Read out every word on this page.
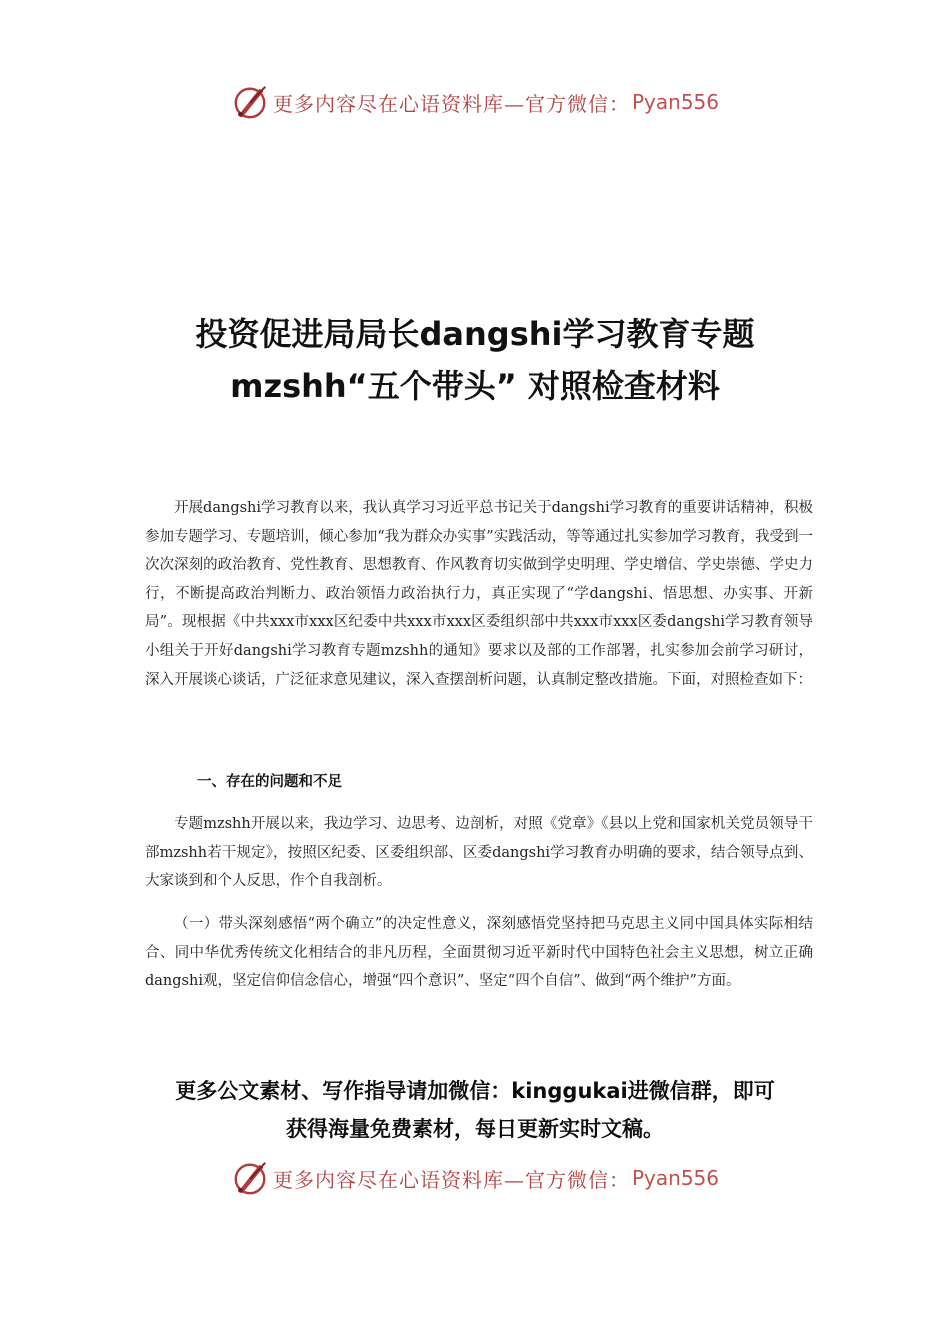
更多内容尽在心语资料库—官方微信： Pyan556
投资促进局局长dangshi学习教育专题
mzshh“五个带头” 对照检查材料

开展dangshi学习教育以来，我认真学习习近平总书记关于dangshi学习教育的重要讲话精神，积极参加专题学习、专题培训，倾心参加“我为群众办实事”实践活动，等等通过扎实参加学习教育，我受到一次次深刻的政治教育、党性教育、思想教育、作风教育切实做到学史明理、学史增信、学史崇德、学史力行，不断提高政治判断力、政治领悟力政治执行力，真正实现了“学dangshi、悟思想、办实事、开新局”。现根据《中共xxx市xxx区纪委中共xxx市xxx区委组织部中共xxx市xxx区委dangshi学习教育领导小组关于开好dangshi学习教育专题mzshh的通知》要求以及部的工作部署，扎实参加会前学习研讨，深入开展谈心谈话，广泛征求意见建议，深入查摆剖析问题，认真制定整改措施。下面，对照检查如下：

一、存在的问题和不足

专题mzshh开展以来，我边学习、边思考、边剖析，对照《党章》《县以上党和国家机关党员领导干部mzshh若干规定》，按照区纪委、区委组织部、区委dangshi学习教育办明确的要求，结合领导点到、大家谈到和个人反思，作个自我剖析。

（一）带头深刻感悟“两个确立”的决定性意义，深刻感悟党坚持把马克思主义同中国具体实际相结合、同中华优秀传统文化相结合的非凡历程，全面贯彻习近平新时代中国特色社会主义思想，树立正确dangshi观，坚定信仰信念信心，增强“四个意识”、坚定“四个自信”、做到“两个维护”方面。

更多公文素材、写作指导请加微信：kinggukai进微信群，即可
获得海量免费素材，每日更新实时文稿。
更多内容尽在心语资料库—官方微信： Pyan556
